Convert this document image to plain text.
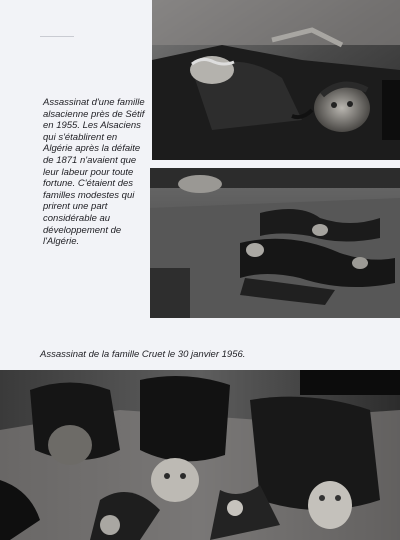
Assassinat d'une famille alsacienne près de Sétif en 1955. Les Alsaciens qui s'établirent en Algérie après la défaite de 1871 n'avaient que leur labeur pour toute fortune. C'étaient des familles modestes qui prirent une part considérable au développement de l'Algérie.

Assassinat de la famille Cruet le 30 janvier 1956.
